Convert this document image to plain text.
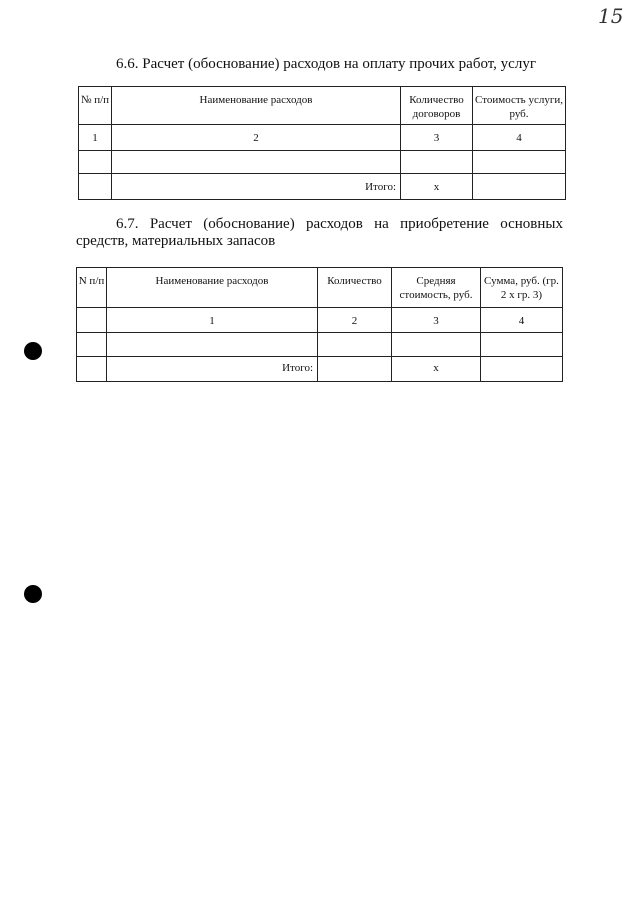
15
6.6. Расчет (обоснование) расходов на оплату прочих работ, услуг
№ п/п	Наименование расходов	Количество договоров	Стоимость услуги, руб.
1	2	3	4

	Итого:	x	
6.7. Расчет (обоснование) расходов на приобретение основных средств, материальных запасов
N п/п	Наименование расходов	Количество	Средняя стоимость, руб.	Сумма, руб. (гр. 2 x гр. 3)
	1	2	3	4

	Итого:		x	
